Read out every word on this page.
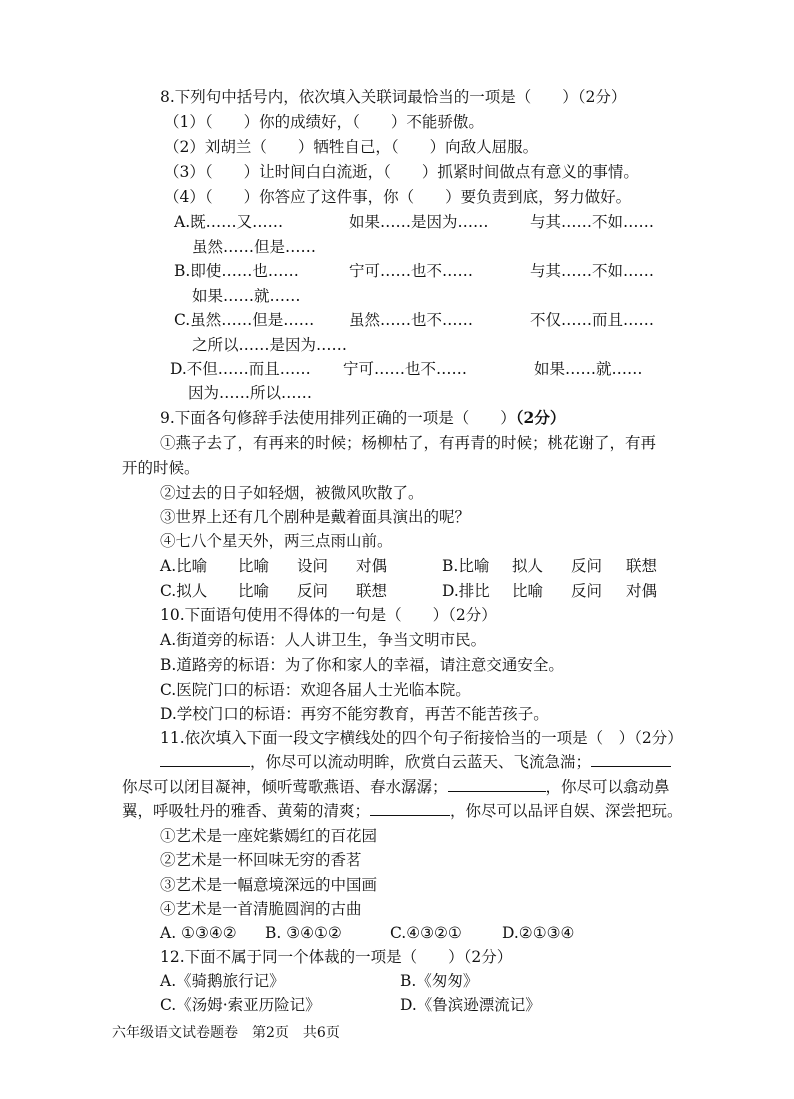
8.下列句中括号内，依次填入关联词最恰当的一项是（　　）（2分）
（1）（　　）你的成绩好，（　　）不能骄傲。
（2）刘胡兰（　　）牺牲自己，（　　）向敌人屈服。
（3）（　　）让时间白白流逝，（　　）抓紧时间做点有意义的事情。
（4）（　　）你答应了这件事，你（　　）要负责到底，努力做好。
A.既……又……	如果……是因为……	与其……不如……
虽然……但是……
B.即使……也……	宁可……也不……	与其……不如……
如果……就……
C.虽然……但是…… 虽然……也不……	不仅……而且……
之所以……是因为……
D.不但……而且…… 宁可……也不……	如果……就……
因为……所以……
9.下面各句修辞手法使用排列正确的一项是（　　）（2分）
①燕子去了，有再来的时候；杨柳枯了，有再青的时候；桃花谢了，有再
开的时候。
②过去的日子如轻烟，被微风吹散了。
③世界上还有几个剧种是戴着面具演出的呢？
④七八个星天外，两三点雨山前。
A.比喻 比喻 设问 对偶	B.比喻 拟人 反问 联想
C.拟人 比喻 反问 联想	D.排比 比喻 反问 对偶
10.下面语句使用不得体的一句是（　　）（2分）
A.街道旁的标语：人人讲卫生，争当文明市民。
B.道路旁的标语：为了你和家人的幸福，请注意交通安全。
C.医院门口的标语：欢迎各届人士光临本院。
D.学校门口的标语：再穷不能穷教育，再苦不能苦孩子。
11.依次填入下面一段文字横线处的四个句子衔接恰当的一项是（　）（2分）
，你尽可以流动明眸，欣赏白云蓝天、飞流急湍；
你尽可以闭目凝神，倾听莺歌燕语、春水潺潺；	，你尽可以翕动鼻
翼，呼吸牡丹的雅香、黄菊的清爽；	，你尽可以品评自娱、深尝把玩。
①艺术是一座姹紫嫣红的百花园
②艺术是一杯回味无穷的香茗
③艺术是一幅意境深远的中国画
④艺术是一首清脆圆润的古曲
A. ①③④② B. ③④①②	C.④③②①	D.②①③④
12.下面不属于同一个体裁的一项是（　　）（2分）
A.《骑鹅旅行记》	B.《匆匆》
C.《汤姆·索亚历险记》	D.《鲁滨逊漂流记》
六年级语文试卷题卷　第2页　共6页
